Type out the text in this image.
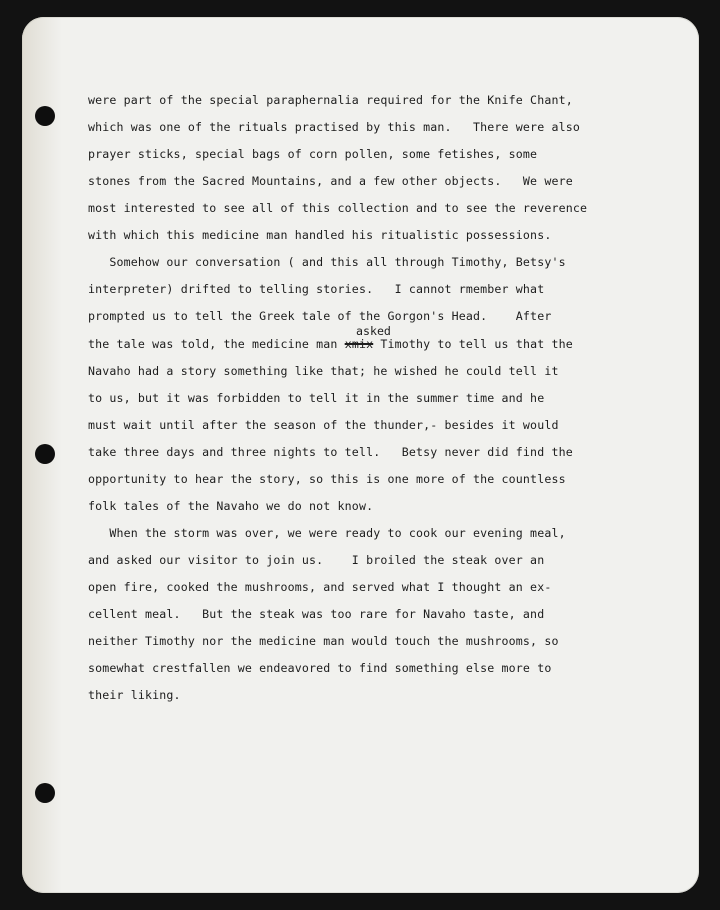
were part of the special paraphernalia required for the Knife Chant,
which was one of the rituals practised by this man.   There were also
prayer sticks, special bags of corn pollen, some fetishes, some
stones from the Sacred Mountains, and a few other objects.   We were
most interested to see all of this collection and to see the reverence
with which this medicine man handled his ritualistic possessions.
Somehow our conversation ( and this all through Timothy, Betsy's
interpreter) drifted to telling stories.   I cannot rmember what
prompted us to tell the Greek tale of the Gorgon's Head.    After
the tale was told, the medicine man xmix Timothy to tell us that the
Navaho had a story something like that; he wished he could tell it
to us, but it was forbidden to tell it in the summer time and he
must wait until after the season of the thunder,- besides it would
take three days and three nights to tell.   Betsy never did find the
opportunity to hear the story, so this is one more of the countless
folk tales of the Navaho we do not know.
When the storm was over, we were ready to cook our evening meal,
and asked our visitor to join us.    I broiled the steak over an
open fire, cooked the mushrooms, and served what I thought an ex-
cellent meal.   But the steak was too rare for Navaho taste, and
neither Timothy nor the medicine man would touch the mushrooms, so
somewhat crestfallen we endeavored to find something else more to
their liking.
asked
